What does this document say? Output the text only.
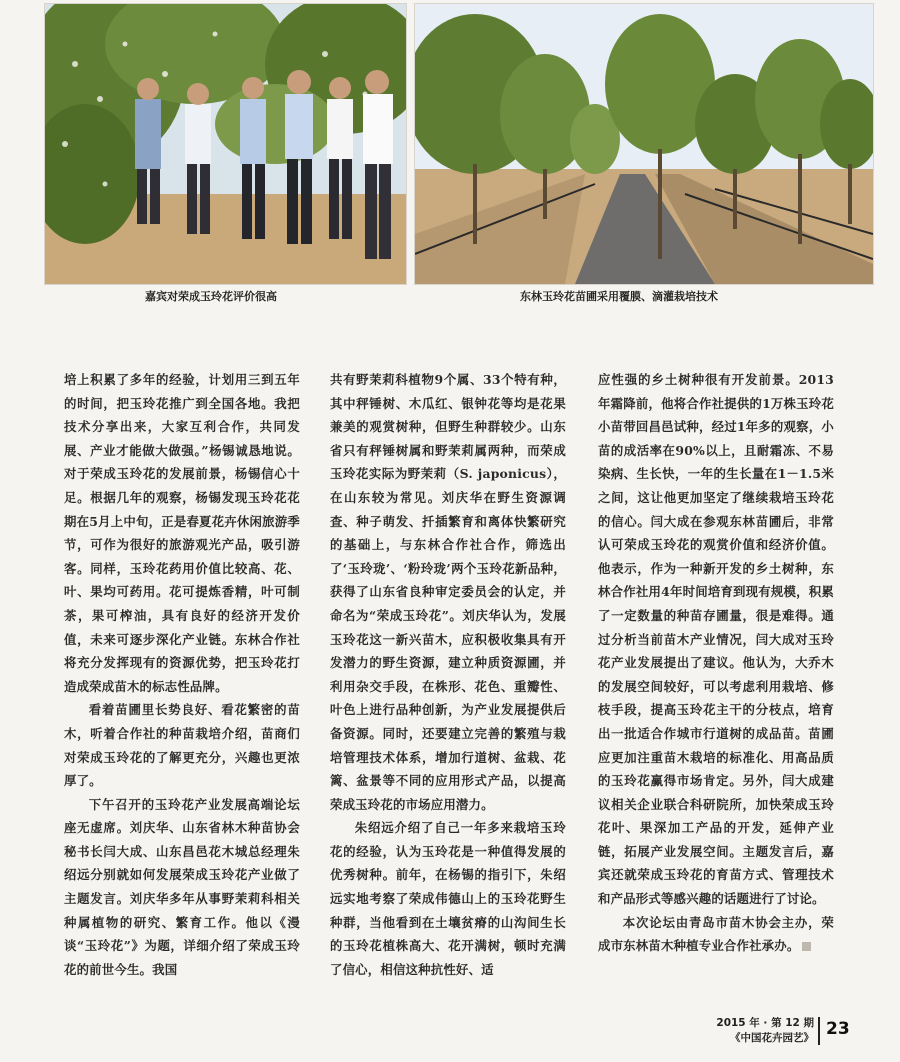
嘉宾对荣成玉玲花评价很高	东林玉玲花苗圃采用覆膜、滴灌栽培技术

培上积累了多年的经验，计划用三到五年的时间，把玉玲花推广到全国各地。我把技术分享出来，大家互利合作，共同发展、产业才能做大做强。”杨锡诚恳地说。对于荣成玉玲花的发展前景，杨锡信心十足。根据几年的观察，杨锡发现玉玲花花期在5月上中旬，正是春夏花卉休闲旅游季节，可作为很好的旅游观光产品，吸引游客。同样，玉玲花药用价值比较高、花、叶、果均可药用。花可提炼香精，叶可制茶，果可榨油，具有良好的经济开发价值，未来可逐步深化产业链。东林合作社将充分发挥现有的资源优势，把玉玲花打造成荣成苗木的标志性品牌。

看着苗圃里长势良好、看花繁密的苗木，听着合作社的种苗栽培介绍，苗商们对荣成玉玲花的了解更充分，兴趣也更浓厚了。

下午召开的玉玲花产业发展高端论坛座无虚席。刘庆华、山东省林木种苗协会秘书长闫大成、山东昌邑花木城总经理朱绍远分别就如何发展荣成玉玲花产业做了主题发言。刘庆华多年从事野茉莉科相关种属植物的研究、繁育工作。他以《漫谈“玉玲花”》为题，详细介绍了荣成玉玲花的前世今生。我国

共有野茉莉科植物9个属、33个特有种，其中秤锤树、木瓜红、银钟花等均是花果兼美的观赏树种，但野生种群较少。山东省只有秤锤树属和野茉莉属两种，而荣成玉玲花实际为野茉莉（S. japonicus），在山东较为常见。刘庆华在野生资源调查、种子萌发、扦插繁育和离体快繁研究的基础上，与东林合作社合作，筛选出了‘玉玲珑’、‘粉玲珑’两个玉玲花新品种，获得了山东省良种审定委员会的认定，并命名为“荣成玉玲花”。刘庆华认为，发展玉玲花这一新兴苗木，应积极收集具有开发潜力的野生资源，建立种质资源圃，并利用杂交手段，在株形、花色、重瓣性、叶色上进行品种创新，为产业发展提供后备资源。同时，还要建立完善的繁殖与栽培管理技术体系，增加行道树、盆栽、花篱、盆景等不同的应用形式产品，以提高荣成玉玲花的市场应用潜力。

朱绍远介绍了自己一年多来栽培玉玲花的经验，认为玉玲花是一种值得发展的优秀树种。前年，在杨锡的指引下，朱绍远实地考察了荣成伟德山上的玉玲花野生种群，当他看到在土壤贫瘠的山沟间生长的玉玲花植株高大、花开满树，顿时充满了信心，相信这种抗性好、适

应性强的乡土树种很有开发前景。2013年霜降前，他将合作社提供的1万株玉玲花小苗带回昌邑试种，经过1年多的观察，小苗的成活率在90%以上，且耐霜冻、不易染病、生长快，一年的生长量在1－1.5米之间，这让他更加坚定了继续栽培玉玲花的信心。闫大成在参观东林苗圃后，非常认可荣成玉玲花的观赏价值和经济价值。他表示，作为一种新开发的乡土树种，东林合作社用4年时间培育到现有规模，积累了一定数量的种苗存圃量，很是难得。通过分析当前苗木产业情况，闫大成对玉玲花产业发展提出了建议。他认为，大乔木的发展空间较好，可以考虑利用栽培、修枝手段，提高玉玲花主干的分枝点，培育出一批适合作城市行道树的成品苗。苗圃应更加注重苗木栽培的标准化、用高品质的玉玲花赢得市场肯定。另外，闫大成建议相关企业联合科研院所，加快荣成玉玲花叶、果深加工产品的开发，延伸产业链，拓展产业发展空间。主题发言后，嘉宾还就荣成玉玲花的育苗方式、管理技术和产品形式等感兴趣的话题进行了讨论。

本次论坛由青岛市苗木协会主办，荣成市东林苗木种植专业合作社承办。

2015 年 · 第 12 期
《中国花卉园艺》 23
